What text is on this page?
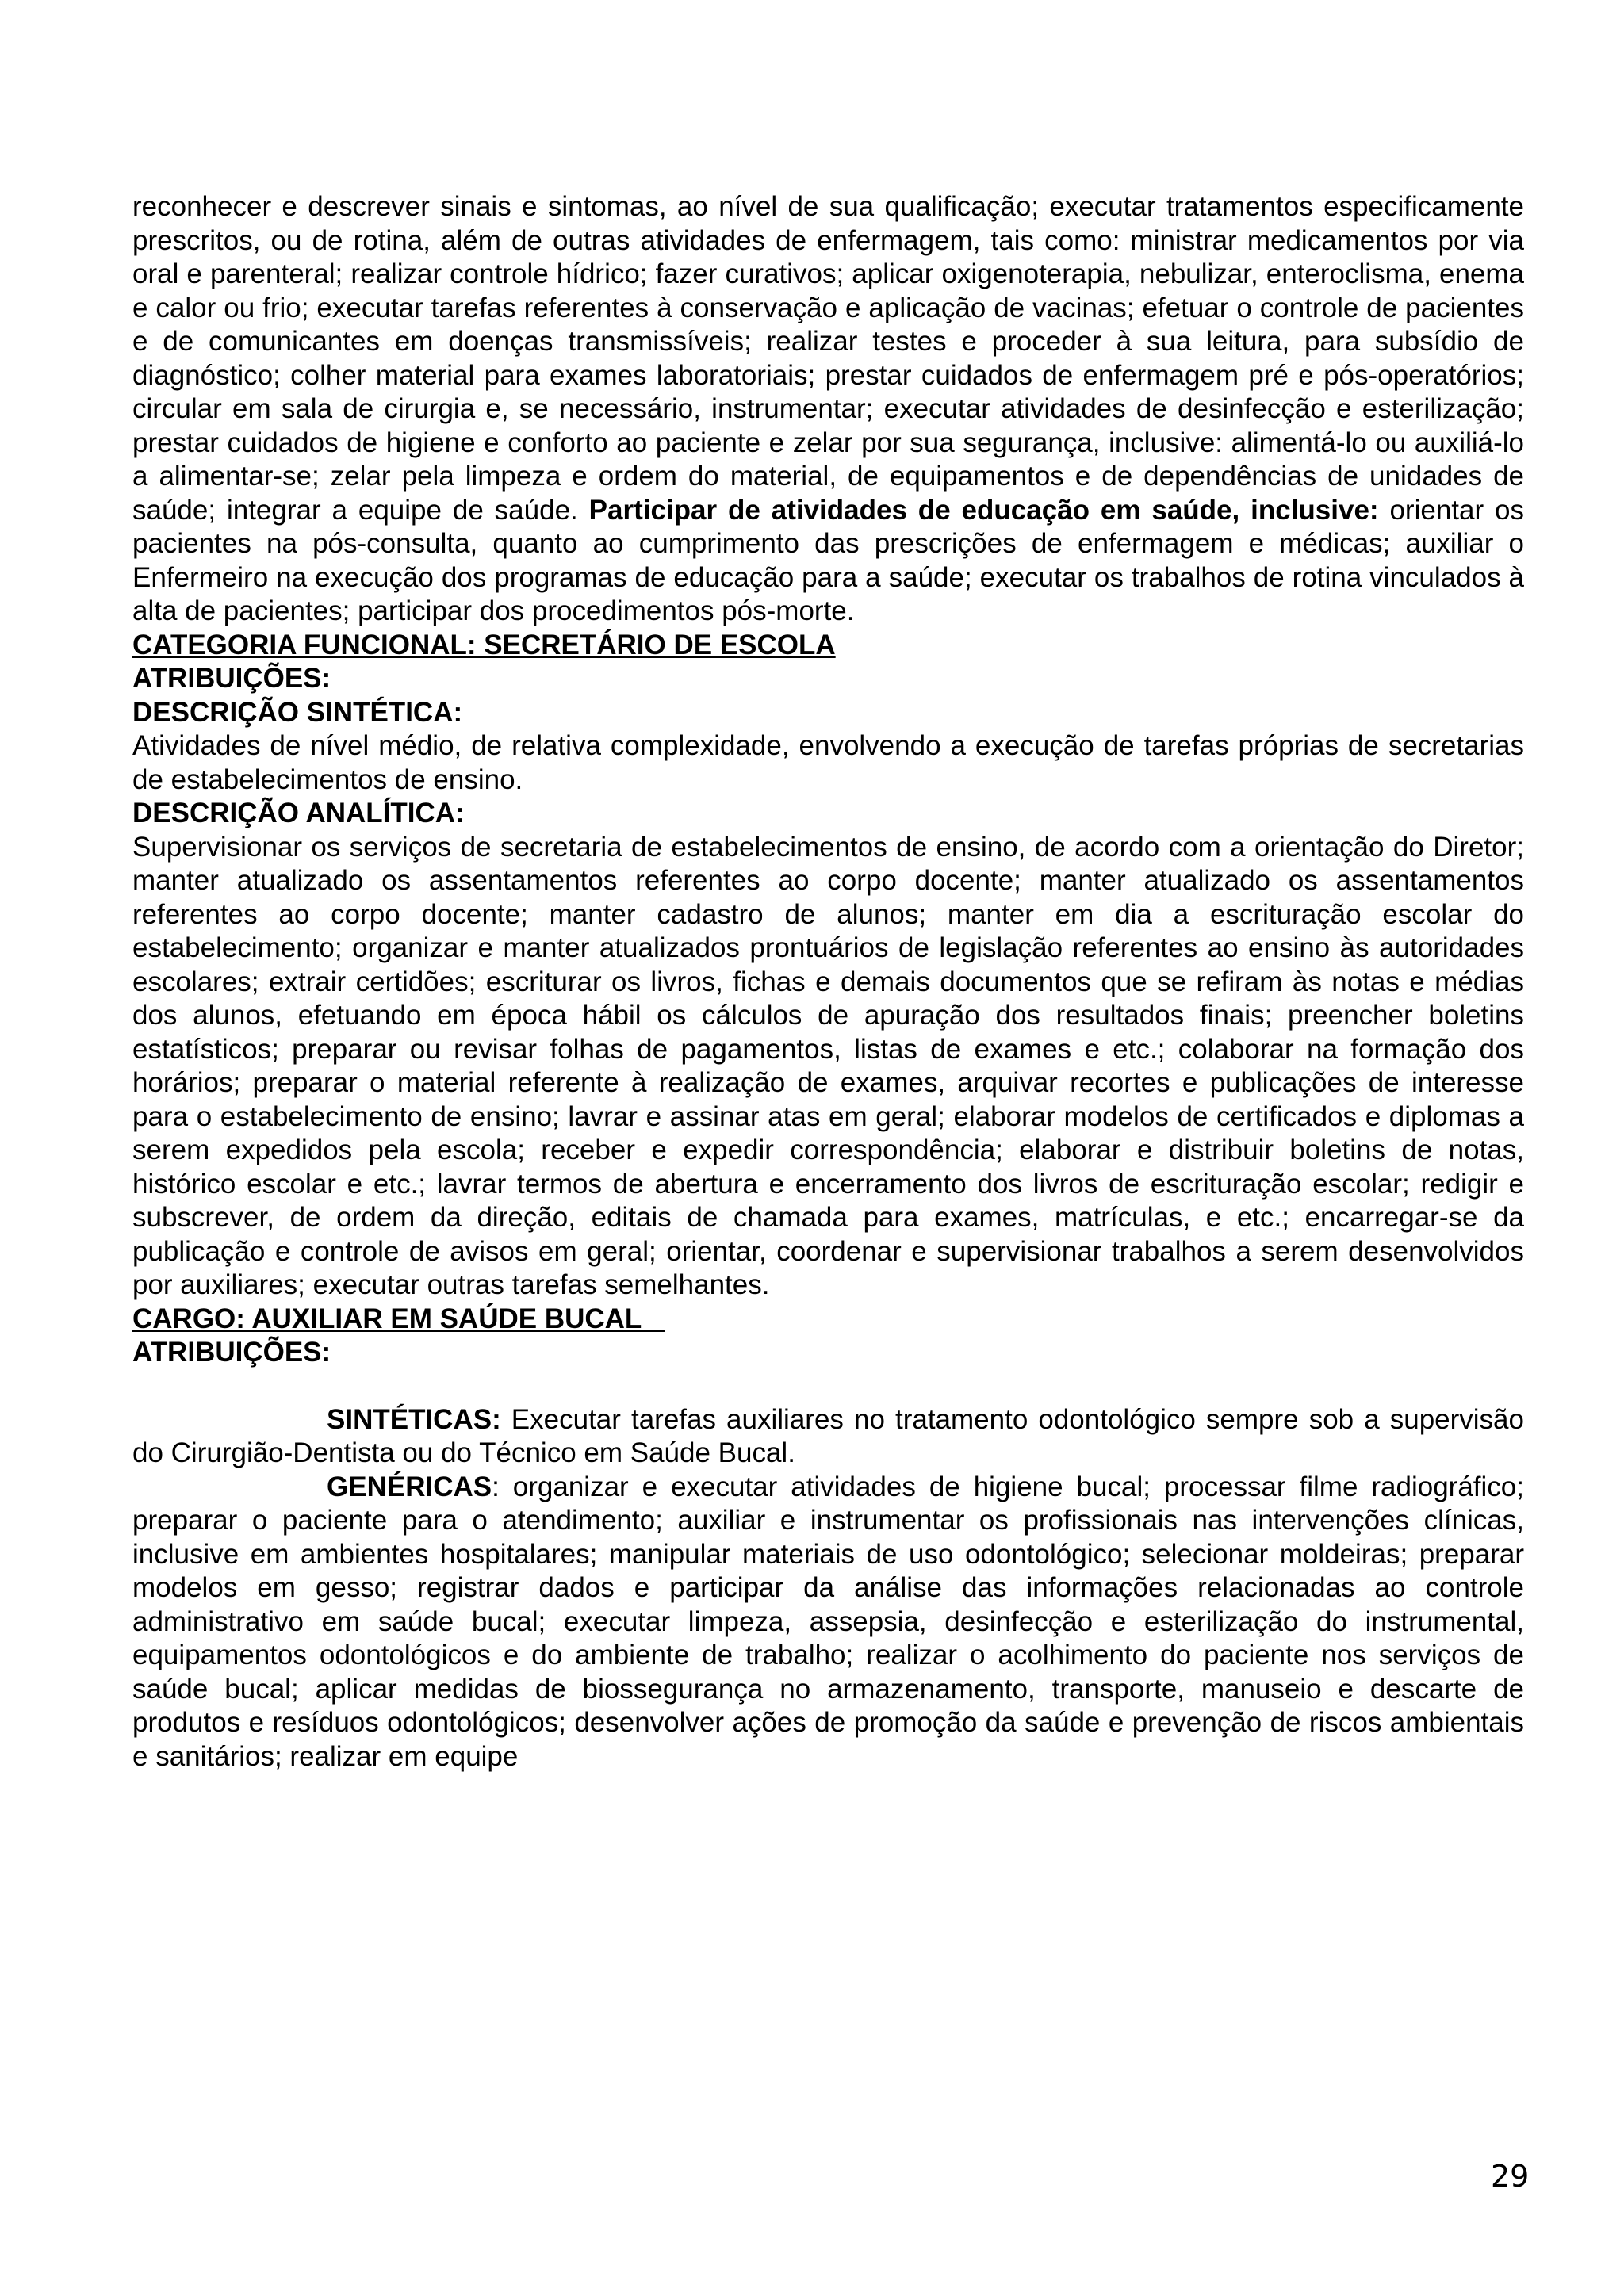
reconhecer e descrever sinais e sintomas, ao nível de sua qualificação; executar tratamentos especificamente prescritos, ou de rotina, além de outras atividades de enfermagem, tais como: ministrar medicamentos por via oral e parenteral; realizar controle hídrico; fazer curativos; aplicar oxigenoterapia, nebulizar, enteroclisma, enema e calor ou frio; executar tarefas referentes à conservação e aplicação de vacinas; efetuar o controle de pacientes e de comunicantes em doenças transmissíveis; realizar testes e proceder à sua leitura, para subsídio de diagnóstico; colher material para exames laboratoriais; prestar cuidados de enfermagem pré e pós-operatórios; circular em sala de cirurgia e, se necessário, instrumentar; executar atividades de desinfecção e esterilização; prestar cuidados de higiene e conforto ao paciente e zelar por sua segurança, inclusive: alimentá-lo ou auxiliá-lo a alimentar-se; zelar pela limpeza e ordem do material, de equipamentos e de dependências de unidades de saúde; integrar a equipe de saúde. Participar de atividades de educação em saúde, inclusive: orientar os pacientes na pós-consulta, quanto ao cumprimento das prescrições de enfermagem e médicas; auxiliar o Enfermeiro na execução dos programas de educação para a saúde; executar os trabalhos de rotina vinculados à alta de pacientes; participar dos procedimentos pós-morte.

CATEGORIA FUNCIONAL: SECRETÁRIO DE ESCOLA

ATRIBUIÇÕES:

DESCRIÇÃO SINTÉTICA:

Atividades de nível médio, de relativa complexidade, envolvendo a execução de tarefas próprias de secretarias de estabelecimentos de ensino.

DESCRIÇÃO ANALÍTICA:

Supervisionar os serviços de secretaria de estabelecimentos de ensino, de acordo com a orientação do Diretor; manter atualizado os assentamentos referentes ao corpo docente; manter atualizado os assentamentos referentes ao corpo docente; manter cadastro de alunos; manter em dia a escrituração escolar do estabelecimento; organizar e manter atualizados prontuários de legislação referentes ao ensino às autoridades escolares; extrair certidões; escriturar os livros, fichas e demais documentos que se refiram às notas e médias dos alunos, efetuando em época hábil os cálculos de apuração dos resultados finais; preencher boletins estatísticos; preparar ou revisar folhas de pagamentos, listas de exames e etc.; colaborar na formação dos horários; preparar o material referente à realização de exames, arquivar recortes e publicações de interesse para o estabelecimento de ensino; lavrar e assinar atas em geral; elaborar modelos de certificados e diplomas a serem expedidos pela escola; receber e expedir correspondência; elaborar e distribuir boletins de notas, histórico escolar e etc.; lavrar termos de abertura e encerramento dos livros de escrituração escolar; redigir e subscrever, de ordem da direção, editais de chamada para exames, matrículas, e etc.; encarregar-se da publicação e controle de avisos em geral; orientar, coordenar e supervisionar trabalhos a serem desenvolvidos por auxiliares; executar outras tarefas semelhantes.

CARGO: AUXILIAR EM SAÚDE BUCAL

ATRIBUIÇÕES:

SINTÉTICAS: Executar tarefas auxiliares no tratamento odontológico sempre sob a supervisão do Cirurgião-Dentista ou do Técnico em Saúde Bucal.

GENÉRICAS: organizar e executar atividades de higiene bucal; processar filme radiográfico; preparar o paciente para o atendimento; auxiliar e instrumentar os profissionais nas intervenções clínicas, inclusive em ambientes hospitalares; manipular materiais de uso odontológico; selecionar moldeiras; preparar modelos em gesso; registrar dados e participar da análise das informações relacionadas ao controle administrativo em saúde bucal; executar limpeza, assepsia, desinfecção e esterilização do instrumental, equipamentos odontológicos e do ambiente de trabalho; realizar o acolhimento do paciente nos serviços de saúde bucal; aplicar medidas de biossegurança no armazenamento, transporte, manuseio e descarte de produtos e resíduos odontológicos; desenvolver ações de promoção da saúde e prevenção de riscos ambientais e sanitários; realizar em equipe

29
